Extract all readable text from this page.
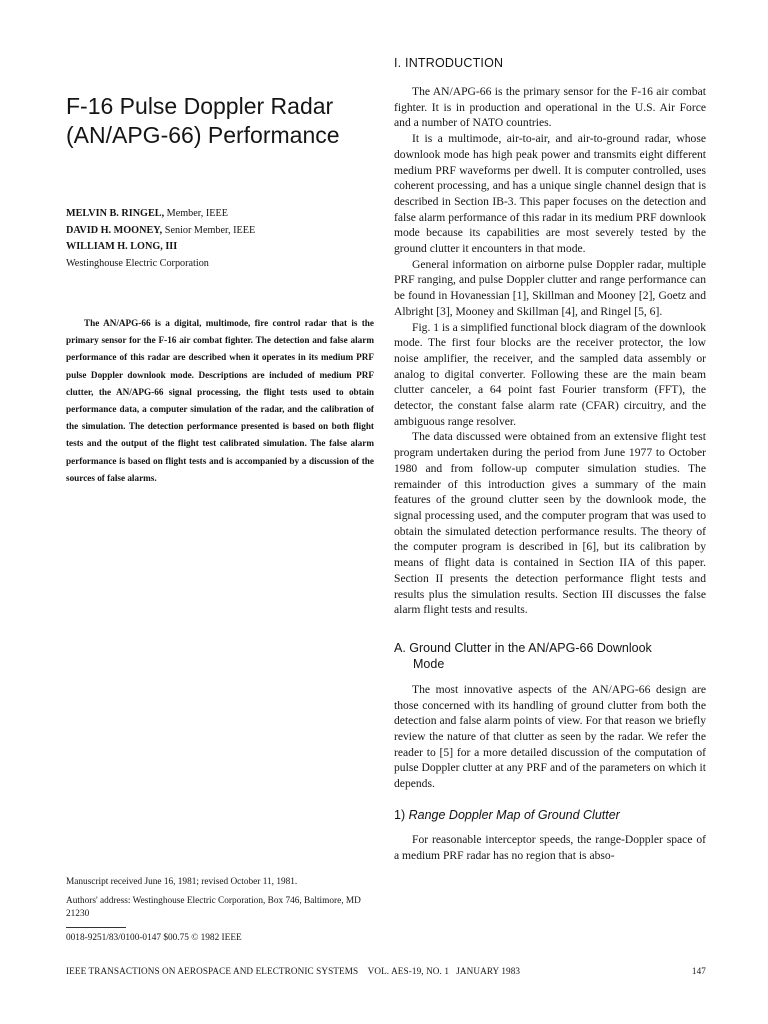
F-16 Pulse Doppler Radar (AN/APG-66) Performance
MELVIN B. RINGEL, Member, IEEE
DAVID H. MOONEY, Senior Member, IEEE
WILLIAM H. LONG, III
Westinghouse Electric Corporation

The AN/APG-66 is a digital, multimode, fire control radar that is the primary sensor for the F-16 air combat fighter. The detection and false alarm performance of this radar are described when it operates in its medium PRF pulse Doppler downlook mode. Descriptions are included of medium PRF clutter, the AN/APG-66 signal processing, the flight tests used to obtain performance data, a computer simulation of the radar, and the calibration of the simulation. The detection performance presented is based on both flight tests and the output of the flight test calibrated simulation. The false alarm performance is based on flight tests and is accompanied by a discussion of the sources of false alarms.

Manuscript received June 16, 1981; revised October 11, 1981.

Authors' address: Westinghouse Electric Corporation, Box 746, Baltimore, MD 21230

0018-9251/83/0100-0147 $00.75 © 1982 IEEE

I. INTRODUCTION

The AN/APG-66 is the primary sensor for the F-16 air combat fighter. It is in production and operational in the U.S. Air Force and a number of NATO countries.

It is a multimode, air-to-air, and air-to-ground radar, whose downlook mode has high peak power and transmits eight different medium PRF waveforms per dwell. It is computer controlled, uses coherent processing, and has a unique single channel design that is described in Section IB-3. This paper focuses on the detection and false alarm performance of this radar in its medium PRF downlook mode because its capabilities are most severely tested by the ground clutter it encounters in that mode.

General information on airborne pulse Doppler radar, multiple PRF ranging, and pulse Doppler clutter and range performance can be found in Hovanessian [1], Skillman and Mooney [2], Goetz and Albright [3], Mooney and Skillman [4], and Ringel [5, 6].

Fig. 1 is a simplified functional block diagram of the downlook mode. The first four blocks are the receiver protector, the low noise amplifier, the receiver, and the sampled data assembly or analog to digital converter. Following these are the main beam clutter canceler, a 64 point fast Fourier transform (FFT), the detector, the constant false alarm rate (CFAR) circuitry, and the ambiguous range resolver.

The data discussed were obtained from an extensive flight test program undertaken during the period from June 1977 to October 1980 and from follow-up computer simulation studies. The remainder of this introduction gives a summary of the main features of the ground clutter seen by the downlook mode, the signal processing used, and the computer program that was used to obtain the simulated detection performance results. The theory of the computer program is described in [6], but its calibration by means of flight data is contained in Section IIA of this paper. Section II presents the detection performance flight tests and results plus the simulation results. Section III discusses the false alarm flight tests and results.

A. Ground Clutter in the AN/APG-66 Downlook
Mode

The most innovative aspects of the AN/APG-66 design are those concerned with its handling of ground clutter from both the detection and false alarm points of view. For that reason we briefly review the nature of that clutter as seen by the radar. We refer the reader to [5] for a more detailed discussion of the computation of pulse Doppler clutter at any PRF and of the parameters on which it depends.

1) Range Doppler Map of Ground Clutter

For reasonable interceptor speeds, the range-Doppler space of a medium PRF radar has no region that is abso-

IEEE TRANSACTIONS ON AEROSPACE AND ELECTRONIC SYSTEMS    VOL. AES-19, NO. 1   JANUARY 1983	147
